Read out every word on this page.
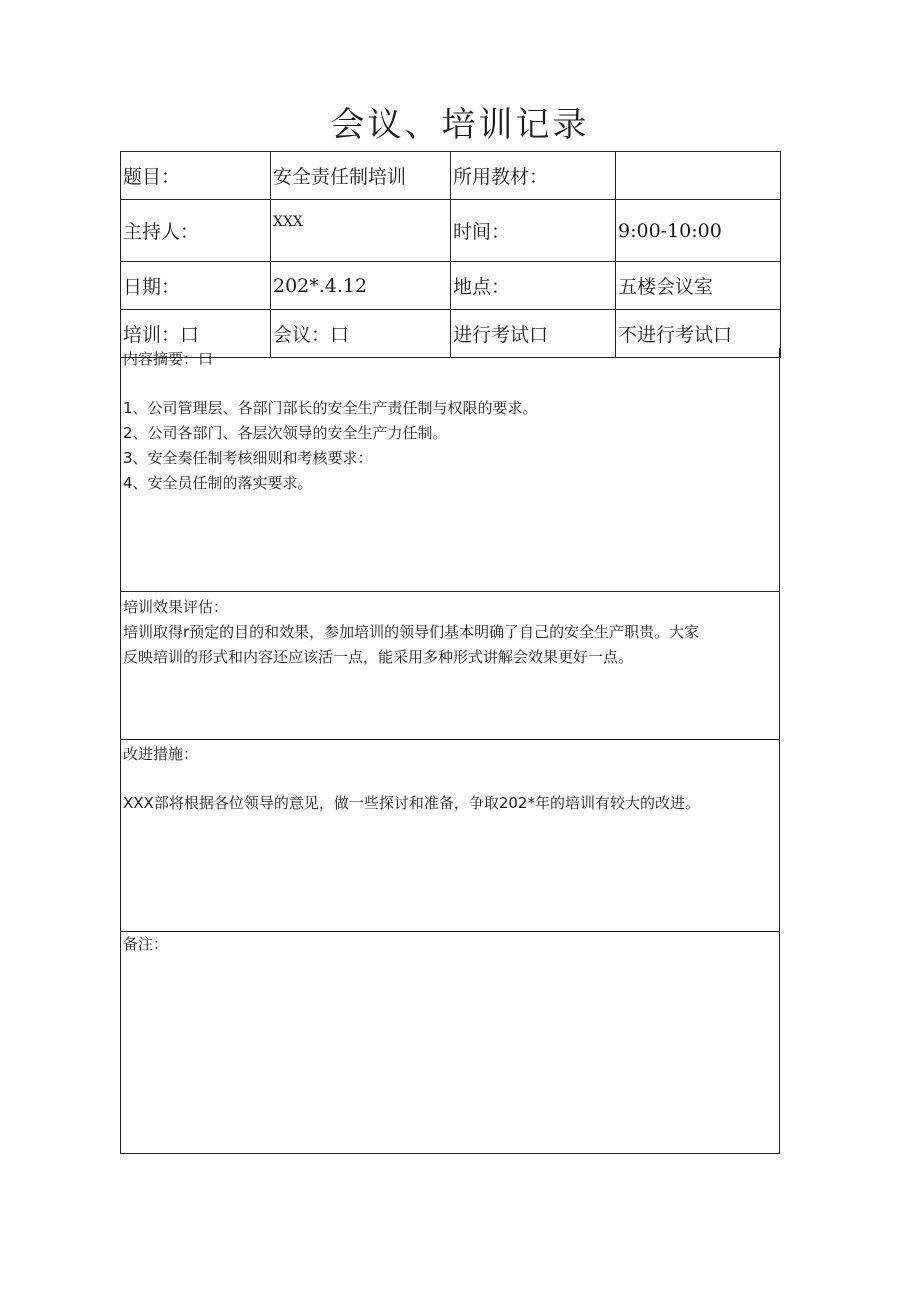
会议、培训记录
题目：	安全责任制培训	所用教材：	
主持人：	XXX	时间：	9:00-10:00
日期：	202*.4.12	地点：	五楼会议室
培训：口	会议：口	进行考试口	不进行考试口

内容摘要：口

1、公司管理层、各部门部长的安全生产责任制与权限的要求。

2、公司各部门、各层次领导的安全生产力任制。

3、安全奏任制考核细则和考核要求：

4、安全员任制的落实要求。

培训效果评估：

培训取得r预定的目的和效果，参加培训的领导们基本明确了自己的安全生产职贵。大家

反映培训的形式和内容还应该活一点，能采用多种形式讲解会效果更好一点。

改进措施：

XXX部将根据各位领导的意见，做一些探讨和准备，争取202*年的培训有较大的改进。

备注：
